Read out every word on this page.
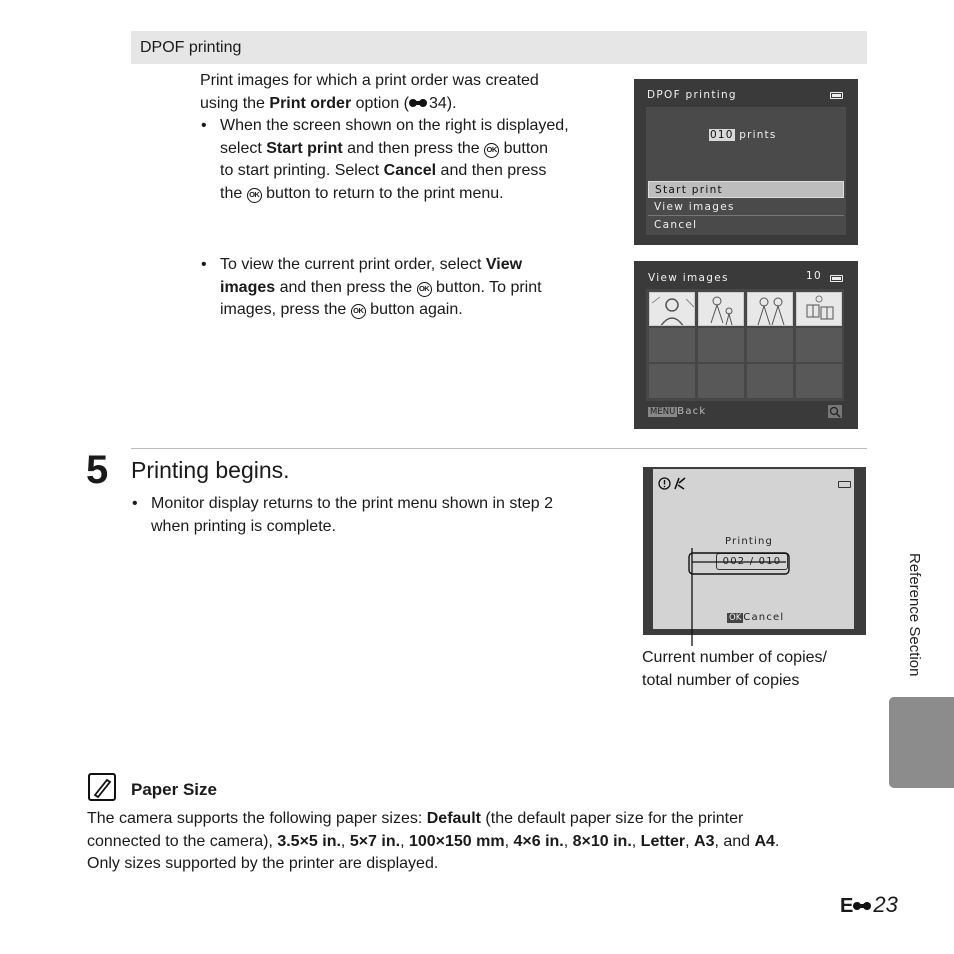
DPOF printing
Print images for which a print order was created
using the Print order option ( 34).
• When the screen shown on the right is displayed,
select Start print and then press the OK button
to start printing. Select Cancel and then press
the OK button to return to the print menu.
• To view the current print order, select View
images and then press the OK button. To print
images, press the OK button again.
DPOF printing
010 prints
Start print
View images
Cancel
View images	10
MENU Back
5 Printing begins.
• Monitor display returns to the print menu shown in step 2
when printing is complete.
Printing
002 / 010
OK Cancel
Current number of copies/
total number of copies
Reference Section
Paper Size
The camera supports the following paper sizes: Default (the default paper size for the printer
connected to the camera), 3.5×5 in., 5×7 in., 100×150 mm, 4×6 in., 8×10 in., Letter, A3, and A4.
Only sizes supported by the printer are displayed.
E 23
